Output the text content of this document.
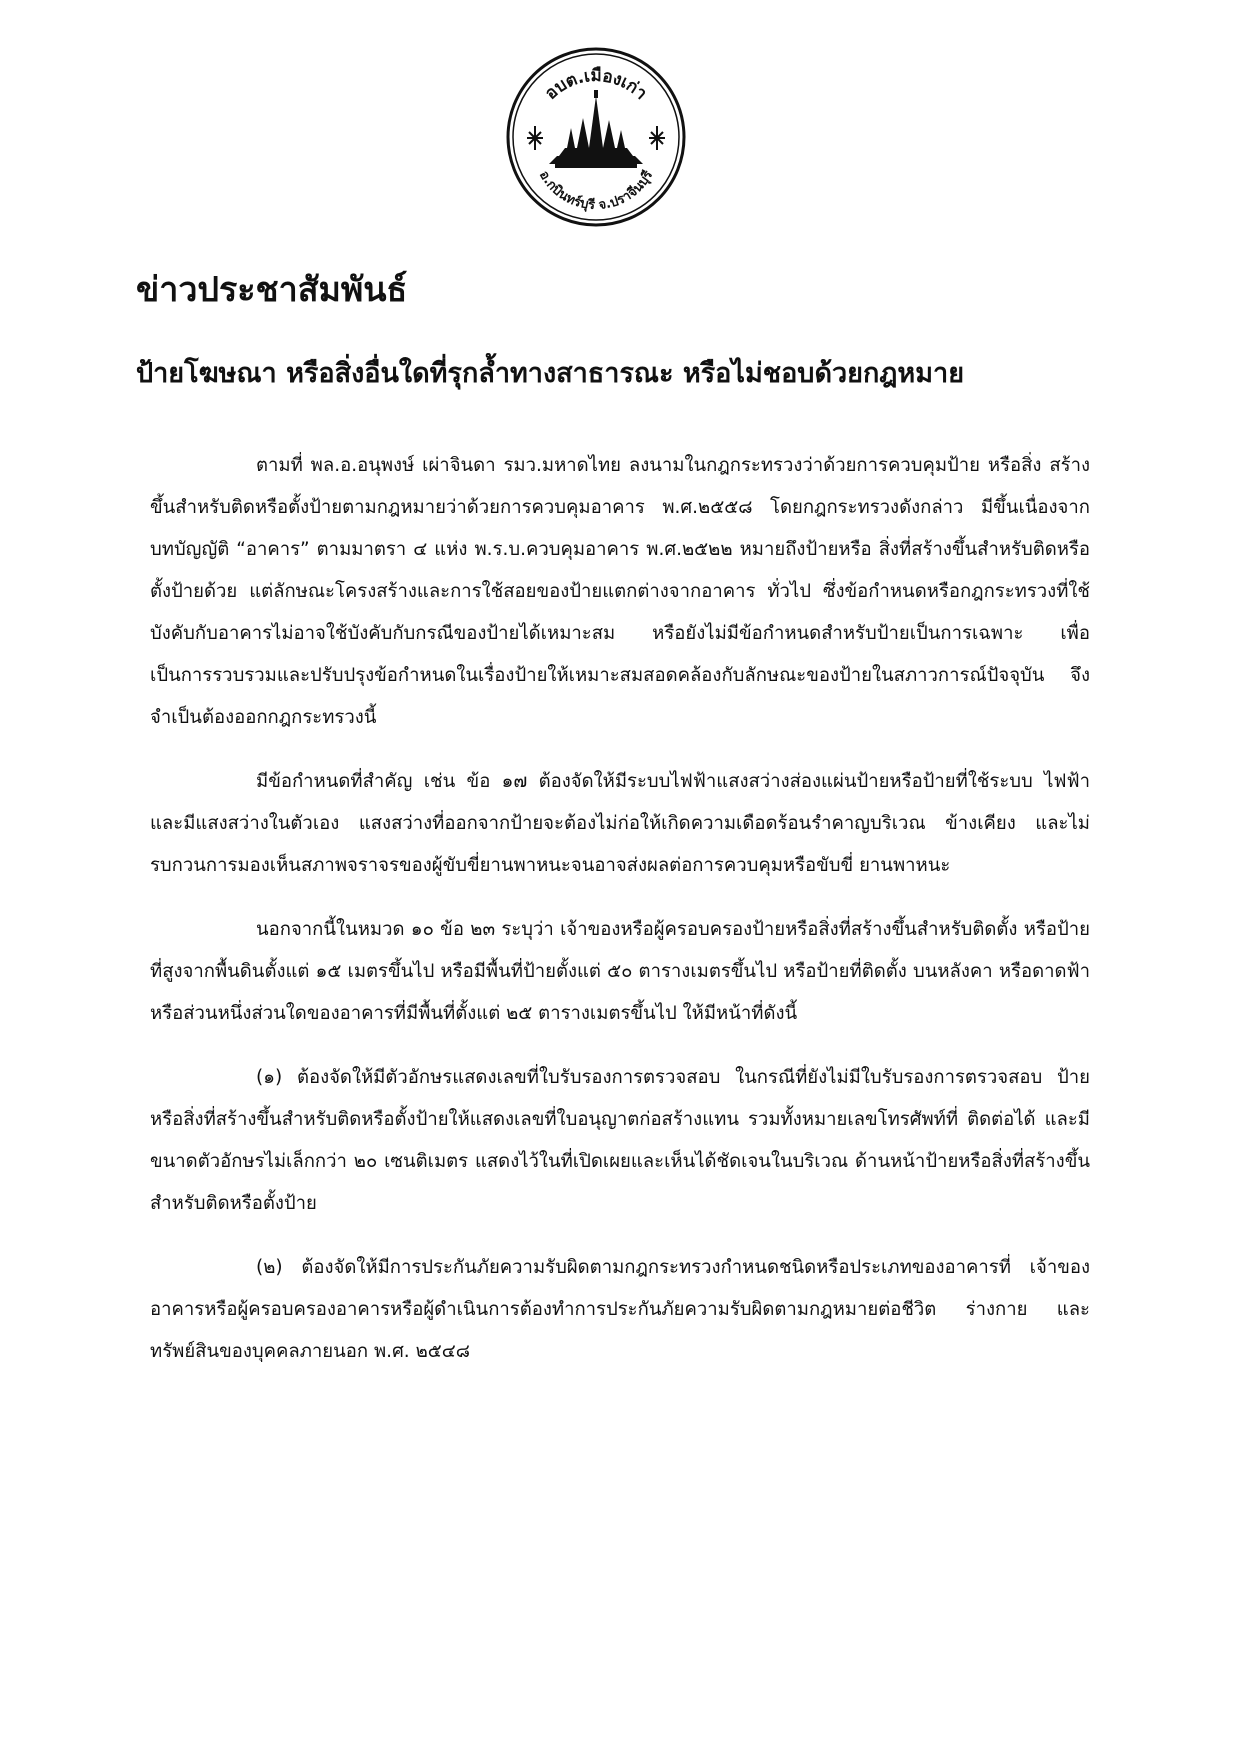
อบต.เมืองเก่า
อ.กบินทร์บุรี จ.ปราจีนบุรี
ข่าวประชาสัมพันธ์
ป้ายโฆษณา หรือสิ่งอื่นใดที่รุกล้ำทางสาธารณะ หรือไม่ชอบด้วยกฎหมาย

ตามที่ พล.อ.อนุพงษ์ เผ่าจินดา รมว.มหาดไทย ลงนามในกฎกระทรวงว่าด้วยการควบคุมป้าย หรือสิ่ง สร้างขึ้นสำหรับติดหรือตั้งป้ายตามกฎหมายว่าด้วยการควบคุมอาคาร พ.ศ.๒๕๕๘ โดยกฎกระทรวงดังกล่าว มีขึ้นเนื่องจากบทบัญญัติ “อาคาร” ตามมาตรา ๔ แห่ง พ.ร.บ.ควบคุมอาคาร พ.ศ.๒๕๒๒ หมายถึงป้ายหรือ สิ่งที่สร้างขึ้นสำหรับติดหรือตั้งป้ายด้วย แต่ลักษณะโครงสร้างและการใช้สอยของป้ายแตกต่างจากอาคาร ทั่วไป ซึ่งข้อกำหนดหรือกฎกระทรวงที่ใช้บังคับกับอาคารไม่อาจใช้บังคับกับกรณีของป้ายได้เหมาะสม หรือยังไม่มีข้อกำหนดสำหรับป้ายเป็นการเฉพาะ เพื่อเป็นการรวบรวมและปรับปรุงข้อกำหนดในเรื่องป้ายให้เหมาะสมสอดคล้องกับลักษณะของป้ายในสภาวการณ์ปัจจุบัน จึงจำเป็นต้องออกกฎกระทรวงนี้

มีข้อกำหนดที่สำคัญ เช่น ข้อ ๑๗ ต้องจัดให้มีระบบไฟฟ้าแสงสว่างส่องแผ่นป้ายหรือป้ายที่ใช้ระบบ ไฟฟ้าและมีแสงสว่างในตัวเอง แสงสว่างที่ออกจากป้ายจะต้องไม่ก่อให้เกิดความเดือดร้อนรำคาญบริเวณ ข้างเคียง และไม่รบกวนการมองเห็นสภาพจราจรของผู้ขับขี่ยานพาหนะจนอาจส่งผลต่อการควบคุมหรือขับขี่ ยานพาหนะ

นอกจากนี้ในหมวด ๑๐ ข้อ ๒๓ ระบุว่า เจ้าของหรือผู้ครอบครองป้ายหรือสิ่งที่สร้างขึ้นสำหรับติดตั้ง หรือป้ายที่สูงจากพื้นดินตั้งแต่ ๑๕ เมตรขึ้นไป หรือมีพื้นที่ป้ายตั้งแต่ ๕๐ ตารางเมตรขึ้นไป หรือป้ายที่ติดตั้ง บนหลังคา หรือดาดฟ้า หรือส่วนหนึ่งส่วนใดของอาคารที่มีพื้นที่ตั้งแต่ ๒๕ ตารางเมตรขึ้นไป ให้มีหน้าที่ดังนี้

(๑) ต้องจัดให้มีตัวอักษรแสดงเลขที่ใบรับรองการตรวจสอบ ในกรณีที่ยังไม่มีใบรับรองการตรวจสอบ ป้ายหรือสิ่งที่สร้างขึ้นสำหรับติดหรือตั้งป้ายให้แสดงเลขที่ใบอนุญาตก่อสร้างแทน รวมทั้งหมายเลขโทรศัพท์ที่ ติดต่อได้ และมีขนาดตัวอักษรไม่เล็กกว่า ๒๐ เซนติเมตร แสดงไว้ในที่เปิดเผยและเห็นได้ชัดเจนในบริเวณ ด้านหน้าป้ายหรือสิ่งที่สร้างขึ้นสำหรับติดหรือตั้งป้าย

(๒) ต้องจัดให้มีการประกันภัยความรับผิดตามกฎกระทรวงกำหนดชนิดหรือประเภทของอาคารที่ เจ้าของอาคารหรือผู้ครอบครองอาคารหรือผู้ดำเนินการต้องทำการประกันภัยความรับผิดตามกฎหมายต่อชีวิต ร่างกาย และทรัพย์สินของบุคคลภายนอก พ.ศ. ๒๕๔๘
